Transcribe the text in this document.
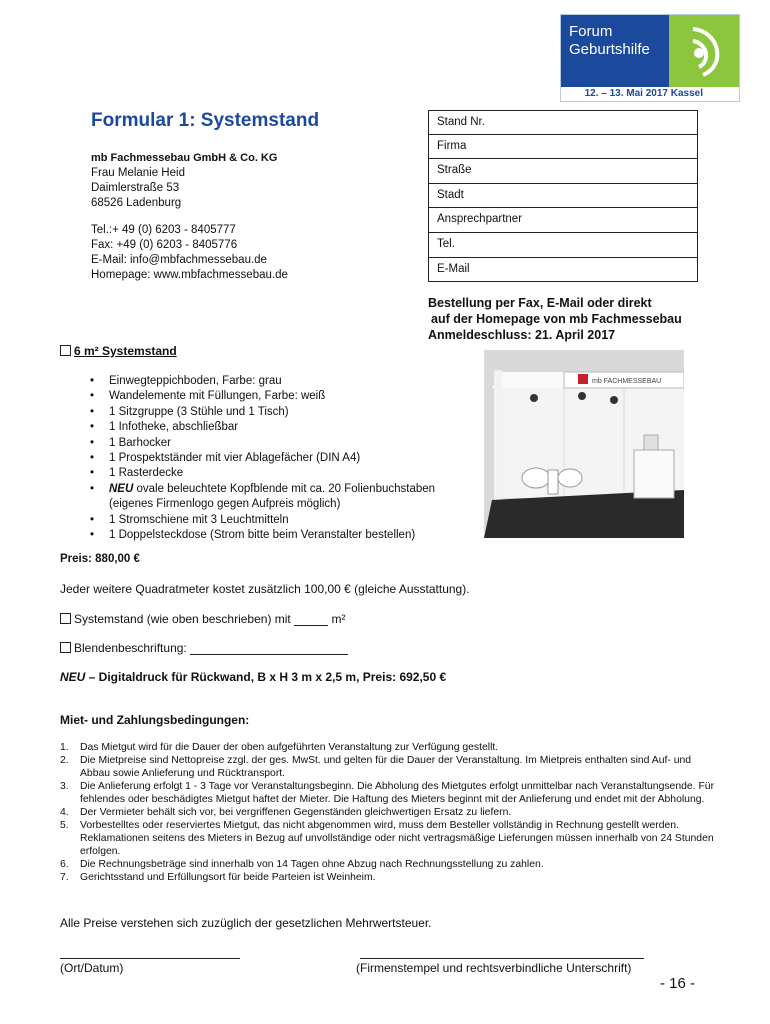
Forum
Geburtshilfe
12. – 13. Mai 2017 Kassel
Formular 1: Systemstand
mb Fachmessebau GmbH & Co. KG
Frau Melanie Heid
Daimlerstraße 53
68526 Ladenburg
Tel.:+ 49 (0) 6203 - 8405777
Fax: +49 (0) 6203 - 8405776
E-Mail: info@mbfachmessebau.de
Homepage: www.mbfachmessebau.de
Stand Nr.
Firma
Straße
Stadt
Ansprechpartner
Tel.
E-Mail
Bestellung per Fax, E-Mail oder direkt
auf der Homepage von mb Fachmessebau
Anmeldeschluss: 21. April 2017
6 m² Systemstand
• Einwegteppichboden, Farbe: grau
• Wandelemente mit Füllungen, Farbe: weiß
• 1 Sitzgruppe (3 Stühle und 1 Tisch)
• 1 Infotheke, abschließbar
• 1 Barhocker
• 1 Prospektständer mit vier Ablagefächer (DIN A4)
• 1 Rasterdecke
• NEU ovale beleuchtete Kopfblende mit ca. 20 Folienbuchstaben
(eigenes Firmenlogo gegen Aufpreis möglich)
• 1 Stromschiene mit 3 Leuchtmitteln
• 1 Doppelsteckdose (Strom bitte beim Veranstalter bestellen)
mb FACHMESSEBAU
Preis: 880,00 €
Jeder weitere Quadratmeter kostet zusätzlich 100,00 € (gleiche Ausstattung).
Systemstand (wie oben beschrieben) mit	m²
Blendenbeschriftung:
NEU – Digitaldruck für Rückwand, B x H 3 m x 2,5 m, Preis: 692,50 €
Miet- und Zahlungsbedingungen:
1. Das Mietgut wird für die Dauer der oben aufgeführten Veranstaltung zur Verfügung gestellt.
2. Die Mietpreise sind Nettopreise zzgl. der ges. MwSt. und gelten für die Dauer der Veranstaltung. Im Mietpreis enthalten sind Auf- und Abbau sowie Anlieferung und Rücktransport.
3. Die Anlieferung erfolgt 1 - 3 Tage vor Veranstaltungsbeginn. Die Abholung des Mietgutes erfolgt unmittelbar nach Veranstaltungsende. Für fehlendes oder beschädigtes Mietgut haftet der Mieter. Die Haftung des Mieters beginnt mit der Anlieferung und endet mit der Abholung.
4. Der Vermieter behält sich vor, bei vergriffenen Gegenständen gleichwertigen Ersatz zu liefern.
5. Vorbestelltes oder reserviertes Mietgut, das nicht abgenommen wird, muss dem Besteller vollständig in Rechnung gestellt werden. Reklamationen seitens des Mieters in Bezug auf unvollständige oder nicht vertragsmäßige Lieferungen müssen innerhalb von 24 Stunden erfolgen.
6. Die Rechnungsbeträge sind innerhalb von 14 Tagen ohne Abzug nach Rechnungsstellung zu zahlen.
7. Gerichtsstand und Erfüllungsort für beide Parteien ist Weinheim.
Alle Preise verstehen sich zuzüglich der gesetzlichen Mehrwertsteuer.
(Ort/Datum)	(Firmenstempel und rechtsverbindliche Unterschrift)
- 16 -
